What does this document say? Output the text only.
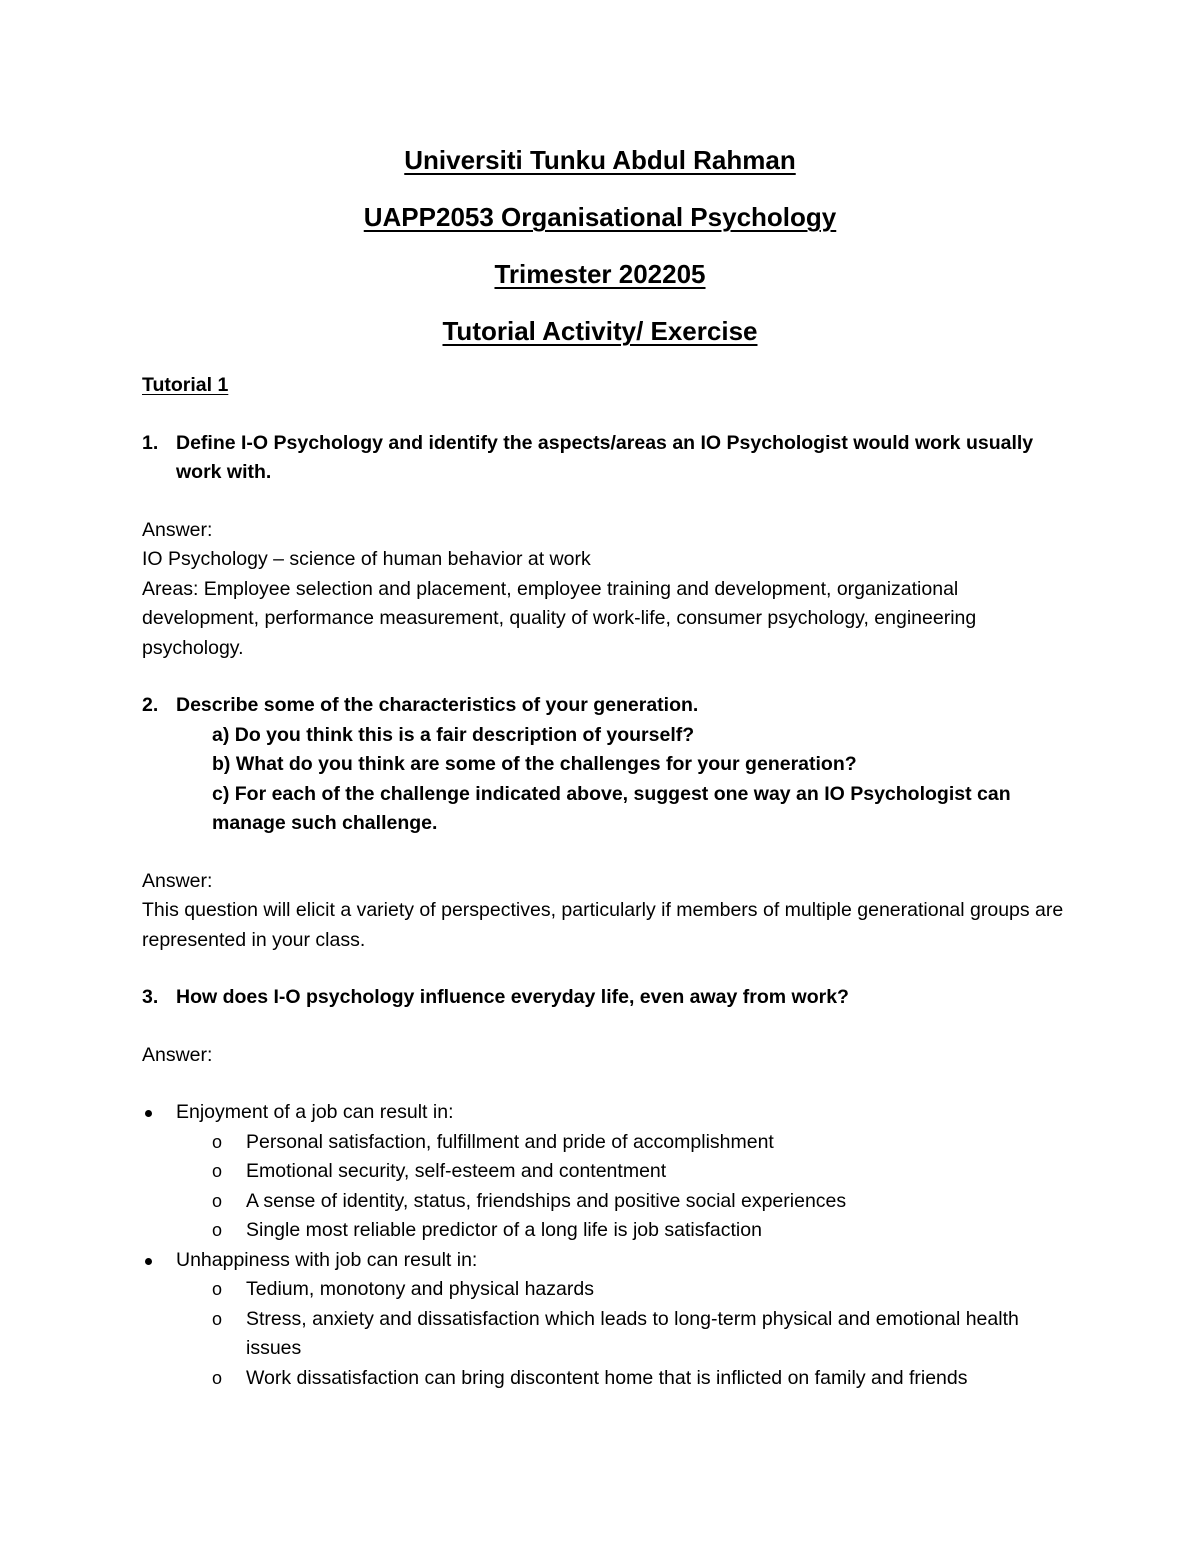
Universiti Tunku Abdul Rahman
UAPP2053 Organisational Psychology
Trimester 202205
Tutorial Activity/ Exercise

Tutorial 1

1. Define I-O Psychology and identify the aspects/areas an IO Psychologist would work usually work with.

Answer:

IO Psychology – science of human behavior at work

Areas: Employee selection and placement, employee training and development, organizational development, performance measurement, quality of work-life, consumer psychology, engineering psychology.

2. Describe some of the characteristics of your generation.

a) Do you think this is a fair description of yourself?

b) What do you think are some of the challenges for your generation?

c) For each of the challenge indicated above, suggest one way an IO Psychologist can manage such challenge.

Answer:

This question will elicit a variety of perspectives, particularly if members of multiple generational groups are represented in your class.

3. How does I-O psychology influence everyday life, even away from work?

Answer:

Enjoyment of a job can result in:
o	Personal satisfaction, fulfillment and pride of accomplishment
o	Emotional security, self-esteem and contentment
o	A sense of identity, status, friendships and positive social experiences
o	Single most reliable predictor of a long life is job satisfaction
Unhappiness with job can result in:
o	Tedium, monotony and physical hazards
o	Stress, anxiety and dissatisfaction which leads to long-term physical and emotional health issues
o	Work dissatisfaction can bring discontent home that is inflicted on family and friends
